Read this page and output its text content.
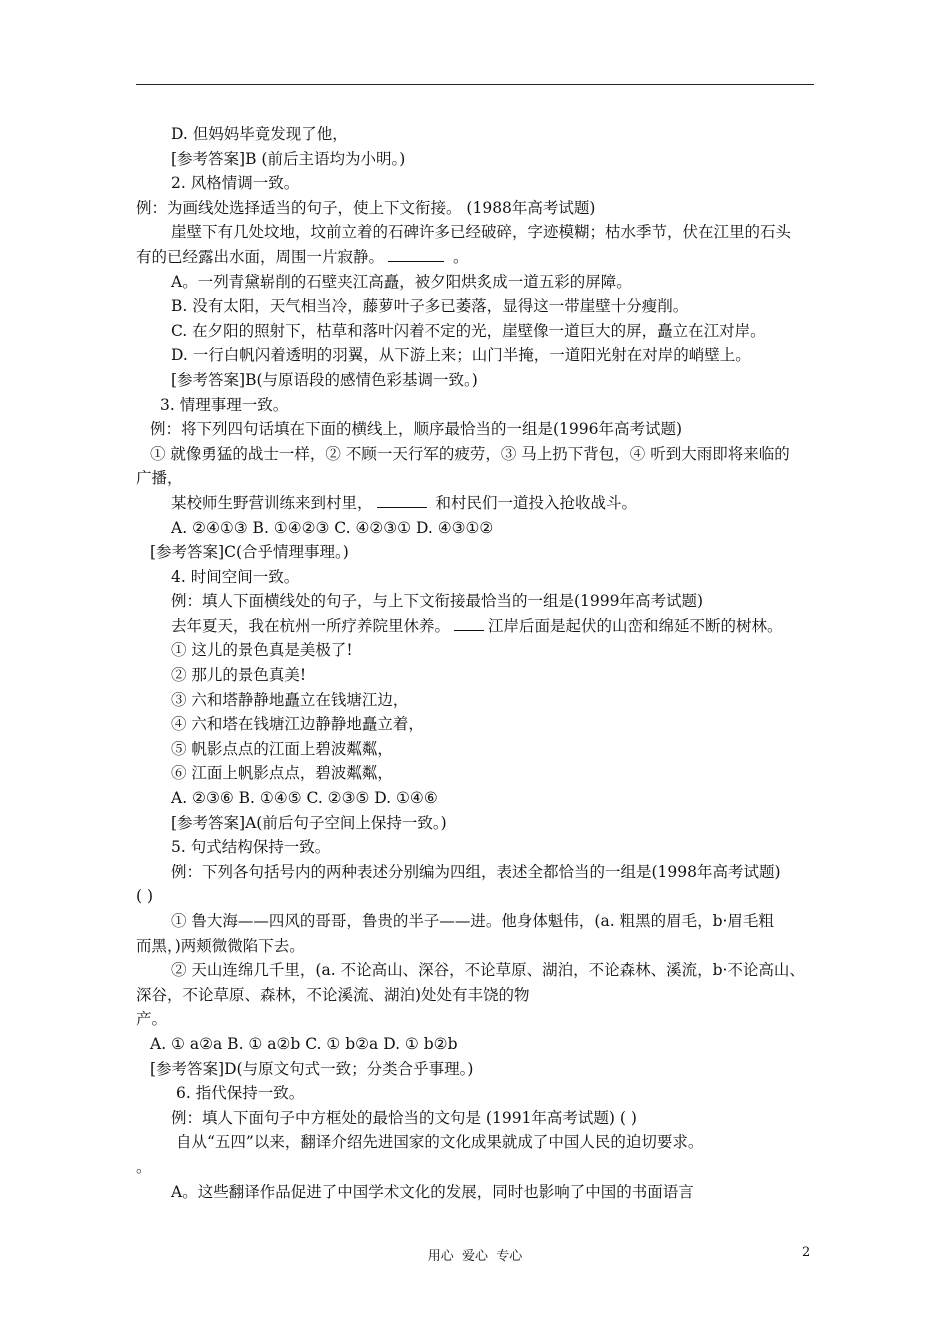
D. 但妈妈毕竟发现了他，
[参考答案]B (前后主语均为小明。)
2. 风格情调一致。
例：为画线处选择适当的句子，使上下文衔接。 (1988年高考试题)
崖壁下有几处坟地，坟前立着的石碑许多已经破碎，字迹模糊；枯水季节，伏在江里的石头
有的已经露出水面，周围一片寂静。	。
A。一列青黛崭削的石壁夹江高矗，被夕阳烘炙成一道五彩的屏障。
B. 没有太阳，天气相当冷，藤萝叶子多已萎落，显得这一带崖壁十分瘦削。
C. 在夕阳的照射下，枯草和落叶闪着不定的光，崖壁像一道巨大的屏，矗立在江对岸。
D. 一行白帆闪着透明的羽翼，从下游上来；山门半掩，一道阳光射在对岸的峭壁上。
[参考答案]B(与原语段的感情色彩基调一致。)
3. 情理事理一致。
例：将下列四句话填在下面的横线上，顺序最恰当的一组是(1996年高考试题)
① 就像勇猛的战士一样，② 不顾一天行军的疲劳，③ 马上扔下背包，④ 听到大雨即将来临的
广播，
某校师生野营训练来到村里，	和村民们一道投入抢收战斗。
A. ②④①③ B. ①④②③ C. ④②③① D. ④③①②
[参考答案]C(合乎情理事理。)
4. 时间空间一致。
例：填人下面横线处的句子，与上下文衔接最恰当的一组是(1999年高考试题)
去年夏天，我在杭州一所疗养院里休养。 江岸后面是起伏的山峦和绵延不断的树林。
① 这儿的景色真是美极了!
② 那儿的景色真美!
③ 六和塔静静地矗立在钱塘江边，
④ 六和塔在钱塘江边静静地矗立着，
⑤ 帆影点点的江面上碧波粼粼，
⑥ 江面上帆影点点，碧波粼粼，
A. ②③⑥ B. ①④⑤ C. ②③⑤ D. ①④⑥
[参考答案]A(前后句子空间上保持一致。)
5. 句式结构保持一致。
例：下列各句括号内的两种表述分别编为四组，表述全都恰当的一组是(1998年高考试题)
( )
① 鲁大海——四风的哥哥，鲁贵的半子——进。他身体魁伟，(a. 粗黑的眉毛，b·眉毛粗
而黑，)两颊微微陷下去。
② 天山连绵几千里，(a. 不论高山、深谷，不论草原、湖泊，不论森林、溪流，b·不论高山、
深谷，不论草原、森林，不论溪流、湖泊)处处有丰饶的物
产。
A. ① a②a B. ① a②b C. ① b②a D. ① b②b
[参考答案]D(与原文句式一致；分类合乎事理。)
6. 指代保持一致。
例：填人下面句子中方框处的最恰当的文句是 (1991年高考试题) ( )
自从“五四”以来，翻译介绍先进国家的文化成果就成了中国人民的迫切要求。
。
A。这些翻译作品促进了中国学术文化的发展，同时也影响了中国的书面语言
用心  爱心  专心	2
